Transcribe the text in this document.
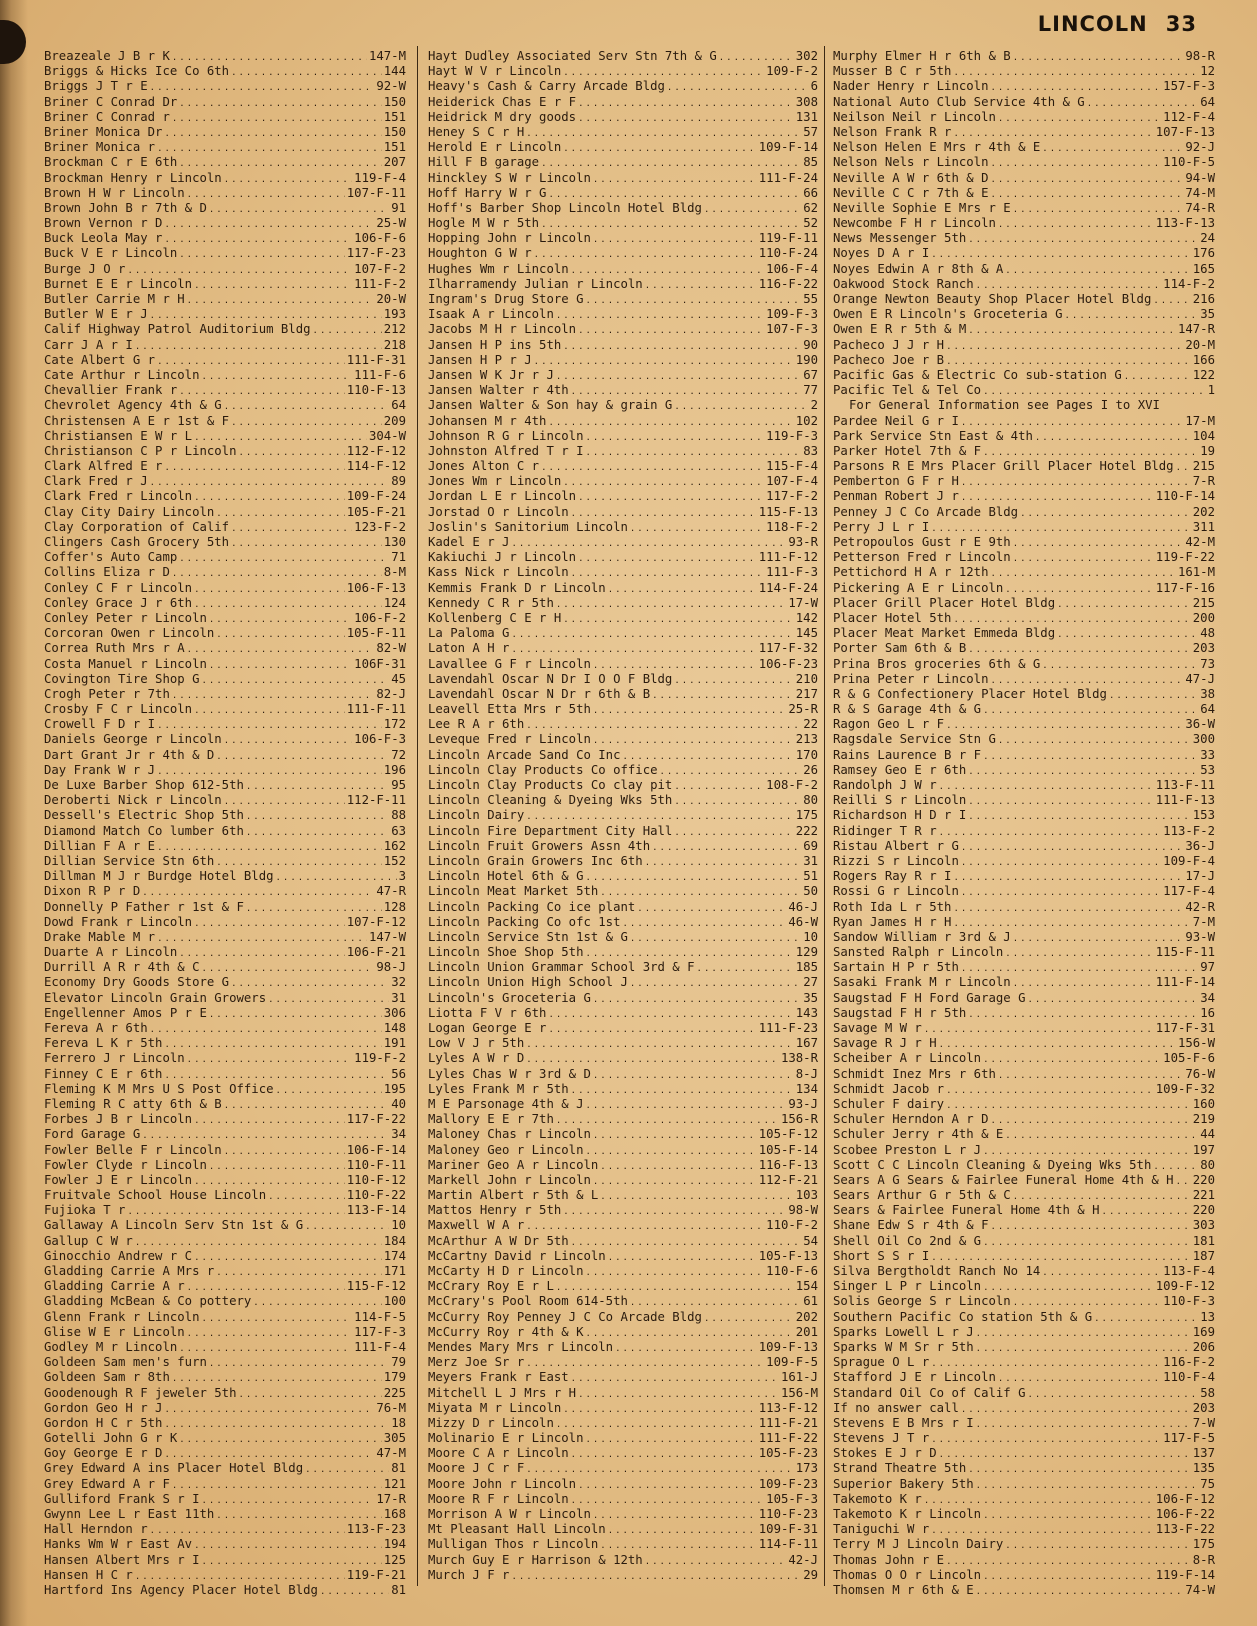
LINCOLN 33
Breazeale J B r K .....	147-M
Briggs & Hicks Ice Co 6th .....	144
Briggs J T r E .....	92-W
Briner C Conrad Dr .....	150
Briner C Conrad r .....	151
Briner Monica Dr .....	150
Briner Monica r .....	151
Brockman C r E 6th .....	207
Brockman Henry r Lincoln .....	119-F-4
Brown H W r Lincoln .....	107-F-11
Brown John B r 7th & D .....	91
Brown Vernon r D .....	25-W
Buck Leola May r .....	106-F-6
Buck V E r Lincoln .....	117-F-23
Burge J O r .....	107-F-2
Burnet E E r Lincoln .....	111-F-2
Butler Carrie M r H .....	20-W
Butler W E r J .....	193
Calif Highway Patrol Auditorium Bldg .....	212
Carr J A r I .....	218
Cate Albert G r .....	111-F-31
Cate Arthur r Lincoln .....	111-F-6
Chevallier Frank r .....	110-F-13
Chevrolet Agency 4th & G .....	64
Christensen A E r 1st & F .....	209
Christiansen E W r L .....	304-W
Christianson C P r Lincoln .....	112-F-12
Clark Alfred E r .....	114-F-12
Clark Fred r J .....	89
Clark Fred r Lincoln .....	109-F-24
Clay City Dairy Lincoln .....	105-F-21
Clay Corporation of Calif .....	123-F-2
Clingers Cash Grocery 5th .....	130
Coffer's Auto Camp .....	71
Collins Eliza r D .....	8-M
Conley C F r Lincoln .....	106-F-13
Conley Grace J r 6th .....	124
Conley Peter r Lincoln .....	106-F-2
Corcoran Owen r Lincoln .....	105-F-11
Correa Ruth Mrs r A .....	82-W
Costa Manuel r Lincoln .....	106F-31
Covington Tire Shop G .....	45
Crogh Peter r 7th .....	82-J
Crosby F C r Lincoln .....	111-F-11
Crowell F D r I .....	172
Daniels George r Lincoln .....	106-F-3
Dart Grant Jr r 4th & D .....	72
Day Frank W r J .....	196
De Luxe Barber Shop 612-5th .....	95
Deroberti Nick r Lincoln .....	112-F-11
Dessell's Electric Shop 5th .....	88
Diamond Match Co lumber 6th .....	63
Dillian F A r E .....	162
Dillian Service Stn 6th .....	152
Dillman M J r Burdge Hotel Bldg .....	3
Dixon R P r D .....	47-R
Donnelly P Father r 1st & F .....	128
Dowd Frank r Lincoln .....	107-F-12
Drake Mable M r .....	147-W
Duarte A r Lincoln .....	106-F-21
Durrill A R r 4th & C .....	98-J
Economy Dry Goods Store G .....	32
Elevator Lincoln Grain Growers .....	31
Engellenner Amos P r E .....	306
Fereva A r 6th .....	148
Fereva L K r 5th .....	191
Ferrero J r Lincoln .....	119-F-2
Finney C E r 6th .....	56
Fleming K M Mrs U S Post Office .....	195
Fleming R C atty 6th & B .....	40
Forbes J B r Lincoln .....	117-F-22
Ford Garage G .....	34
Fowler Belle F r Lincoln .....	106-F-14
Fowler Clyde r Lincoln .....	110-F-11
Fowler J E r Lincoln .....	110-F-12
Fruitvale School House Lincoln .....	110-F-22
Fujioka T r .....	113-F-14
Gallaway A Lincoln Serv Stn 1st & G .....	10
Gallup C W r .....	184
Ginocchio Andrew r C .....	174
Gladding Carrie A Mrs r .....	171
Gladding Carrie A r .....	115-F-12
Gladding McBean & Co pottery .....	100
Glenn Frank r Lincoln .....	114-F-5
Glise W E r Lincoln .....	117-F-3
Godley M r Lincoln .....	111-F-4
Goldeen Sam men's furn .....	79
Goldeen Sam r 8th .....	179
Goodenough R F jeweler 5th .....	225
Gordon Geo H r J .....	76-M
Gordon H C r 5th .....	18
Gotelli John G r K .....	305
Goy George E r D .....	47-M
Grey Edward A ins Placer Hotel Bldg .....	81
Grey Edward A r F .....	121
Gulliford Frank S r I .....	17-R
Gwynn Lee L r East 11th .....	168
Hall Herndon r .....	113-F-23
Hanks Wm W r East Av .....	194
Hansen Albert Mrs r I .....	125
Hansen H C r .....	119-F-21
Hartford Ins Agency Placer Hotel Bldg .....	81
Hayt Dudley Associated Serv Stn 7th & G .....	302
Hayt W V r Lincoln .....	109-F-2
Heavy's Cash & Carry Arcade Bldg .....	6
Heiderick Chas E r F .....	308
Heidrick M dry goods .....	131
Heney S C r H .....	57
Herold E r Lincoln .....	109-F-14
Hill F B garage .....	85
Hinckley S W r Lincoln .....	111-F-24
Hoff Harry W r G .....	66
Hoff's Barber Shop Lincoln Hotel Bldg .....	62
Hogle M W r 5th .....	52
Hopping John r Lincoln .....	119-F-11
Houghton G W r .....	110-F-24
Hughes Wm r Lincoln .....	106-F-4
Ilharramendy Julian r Lincoln .....	116-F-22
Ingram's Drug Store G .....	55
Isaak A r Lincoln .....	109-F-3
Jacobs M H r Lincoln .....	107-F-3
Jansen H P ins 5th .....	90
Jansen H P r J .....	190
Jansen W K Jr r J .....	67
Jansen Walter r 4th .....	77
Jansen Walter & Son hay & grain G .....	2
Johansen M r 4th .....	102
Johnson R G r Lincoln .....	119-F-3
Johnston Alfred T r I .....	83
Jones Alton C r .....	115-F-4
Jones Wm r Lincoln .....	107-F-4
Jordan L E r Lincoln .....	117-F-2
Jorstad O r Lincoln .....	115-F-13
Joslin's Sanitorium Lincoln .....	118-F-2
Kadel E r J .....	93-R
Kakiuchi J r Lincoln .....	111-F-12
Kass Nick r Lincoln .....	111-F-3
Kemmis Frank D r Lincoln .....	114-F-24
Kennedy C R r 5th .....	17-W
Kollenberg C E r H .....	142
La Paloma G .....	145
Laton A H r .....	117-F-32
Lavallee G F r Lincoln .....	106-F-23
Lavendahl Oscar N Dr I O O F Bldg .....	210
Lavendahl Oscar N Dr r 6th & B .....	217
Leavell Etta Mrs r 5th .....	25-R
Lee R A r 6th .....	22
Leveque Fred r Lincoln .....	213
Lincoln Arcade Sand Co Inc .....	170
Lincoln Clay Products Co office .....	26
Lincoln Clay Products Co clay pit .....	108-F-2
Lincoln Cleaning & Dyeing Wks 5th .....	80
Lincoln Dairy .....	175
Lincoln Fire Department City Hall .....	222
Lincoln Fruit Growers Assn 4th .....	69
Lincoln Grain Growers Inc 6th .....	31
Lincoln Hotel 6th & G .....	51
Lincoln Meat Market 5th .....	50
Lincoln Packing Co ice plant .....	46-J
Lincoln Packing Co ofc 1st .....	46-W
Lincoln Service Stn 1st & G .....	10
Lincoln Shoe Shop 5th .....	129
Lincoln Union Grammar School 3rd & F .....	185
Lincoln Union High School J .....	27
Lincoln's Groceteria G .....	35
Liotta F V r 6th .....	143
Logan George E r .....	111-F-23
Low V J r 5th .....	167
Lyles A W r D .....	138-R
Lyles Chas W r 3rd & D .....	8-J
Lyles Frank M r 5th .....	134
M E Parsonage 4th & J .....	93-J
Mallory E E r 7th .....	156-R
Maloney Chas r Lincoln .....	105-F-12
Maloney Geo r Lincoln .....	105-F-14
Mariner Geo A r Lincoln .....	116-F-13
Markell John r Lincoln .....	112-F-21
Martin Albert r 5th & L .....	103
Mattos Henry r 5th .....	98-W
Maxwell W A r .....	110-F-2
McArthur A W Dr 5th .....	54
McCartny David r Lincoln .....	105-F-13
McCarty H D r Lincoln .....	110-F-6
McCrary Roy E r L .....	154
McCrary's Pool Room 614-5th .....	61
McCurry Roy Penney J C Co Arcade Bldg .....	202
McCurry Roy r 4th & K .....	201
Mendes Mary Mrs r Lincoln .....	109-F-13
Merz Joe Sr r .....	109-F-5
Meyers Frank r East .....	161-J
Mitchell L J Mrs r H .....	156-M
Miyata M r Lincoln .....	113-F-12
Mizzy D r Lincoln .....	111-F-21
Molinario E r Lincoln .....	111-F-22
Moore C A r Lincoln .....	105-F-23
Moore J C r F .....	173
Moore John r Lincoln .....	109-F-23
Moore R F r Lincoln .....	105-F-3
Morrison A W r Lincoln .....	110-F-23
Mt Pleasant Hall Lincoln .....	109-F-31
Mulligan Thos r Lincoln .....	114-F-11
Murch Guy E r Harrison & 12th .....	42-J
Murch J F r .....	29
Murphy Elmer H r 6th & B .....	98-R
Musser B C r 5th .....	12
Nader Henry r Lincoln .....	157-F-3
National Auto Club Service 4th & G .....	64
Neilson Neil r Lincoln .....	112-F-4
Nelson Frank R r .....	107-F-13
Nelson Helen E Mrs r 4th & E .....	92-J
Nelson Nels r Lincoln .....	110-F-5
Neville A W r 6th & D .....	94-W
Neville C C r 7th & E .....	74-M
Neville Sophie E Mrs r E .....	74-R
Newcombe F H r Lincoln .....	113-F-13
News Messenger 5th .....	24
Noyes D A r I .....	176
Noyes Edwin A r 8th & A .....	165
Oakwood Stock Ranch .....	114-F-2
Orange Newton Beauty Shop Placer Hotel Bldg .....	216
Owen E R Lincoln's Groceteria G .....	35
Owen E R r 5th & M .....	147-R
Pacheco J J r H .....	20-M
Pacheco Joe r B .....	166
Pacific Gas & Electric Co sub-station G .....	122
Pacific Tel & Tel Co .....	1
For General Information see Pages I to XVI
Pardee Neil G r I .....	17-M
Park Service Stn East & 4th .....	104
Parker Hotel 7th & F .....	19
Parsons R E Mrs Placer Grill Placer Hotel Bldg ..... 215
Pemberton G F r H .....	7-R
Penman Robert J r .....	110-F-14
Penney J C Co Arcade Bldg .....	202
Perry J L r I .....	311
Petropoulos Gust r E 9th .....	42-M
Petterson Fred r Lincoln .....	119-F-22
Pettichord H A r 12th .....	161-M
Pickering A E r Lincoln .....	117-F-16
Placer Grill Placer Hotel Bldg .....	215
Placer Hotel 5th .....	200
Placer Meat Market Emmeda Bldg .....	48
Porter Sam 6th & B .....	203
Prina Bros groceries 6th & G .....	73
Prina Peter r Lincoln .....	47-J
R & G Confectionery Placer Hotel Bldg .....	38
R & S Garage 4th & G .....	64
Ragon Geo L r F .....	36-W
Ragsdale Service Stn G .....	300
Rains Laurence B r F .....	33
Ramsey Geo E r 6th .....	53
Randolph J W r .....	113-F-11
Reilli S r Lincoln .....	111-F-13
Richardson H D r I .....	153
Ridinger T R r .....	113-F-2
Ristau Albert r G .....	36-J
Rizzi S r Lincoln .....	109-F-4
Rogers Ray R r I .....	17-J
Rossi G r Lincoln .....	117-F-4
Roth Ida L r 5th .....	42-R
Ryan James H r H .....	7-M
Sandow William r 3rd & J .....	93-W
Sansted Ralph r Lincoln .....	115-F-11
Sartain H P r 5th .....	97
Sasaki Frank M r Lincoln .....	111-F-14
Saugstad F H Ford Garage G .....	34
Saugstad F H r 5th .....	16
Savage M W r .....	117-F-31
Savage R J r H .....	156-W
Scheiber A r Lincoln .....	105-F-6
Schmidt Inez Mrs r 6th .....	76-W
Schmidt Jacob r .....	109-F-32
Schuler F dairy .....	160
Schuler Herndon A r D .....	219
Schuler Jerry r 4th & E .....	44
Scobee Preston L r J .....	197
Scott C C Lincoln Cleaning & Dyeing Wks 5th .....	80
Sears A G Sears & Fairlee Funeral Home 4th & H ..... 220
Sears Arthur G r 5th & C .....	221
Sears & Fairlee Funeral Home 4th & H .....	220
Shane Edw S r 4th & F .....	303
Shell Oil Co 2nd & G .....	181
Short S S r I .....	187
Silva Bergtholdt Ranch No 14 .....	113-F-4
Singer L P r Lincoln .....	109-F-12
Solis George S r Lincoln .....	110-F-3
Southern Pacific Co station 5th & G .....	13
Sparks Lowell L r J .....	169
Sparks W M Sr r 5th .....	206
Sprague O L r .....	116-F-2
Stafford J E r Lincoln .....	110-F-4
Standard Oil Co of Calif G .....	58
If no answer call .....	203
Stevens E B Mrs r I .....	7-W
Stevens J T r .....	117-F-5
Stokes E J r D .....	137
Strand Theatre 5th .....	135
Superior Bakery 5th .....	75
Takemoto K r .....	106-F-12
Takemoto K r Lincoln .....	106-F-22
Taniguchi W r .....	113-F-22
Terry M J Lincoln Dairy .....	175
Thomas John r E .....	8-R
Thomas O O r Lincoln .....	119-F-14
Thomsen M r 6th & E .....	74-W
